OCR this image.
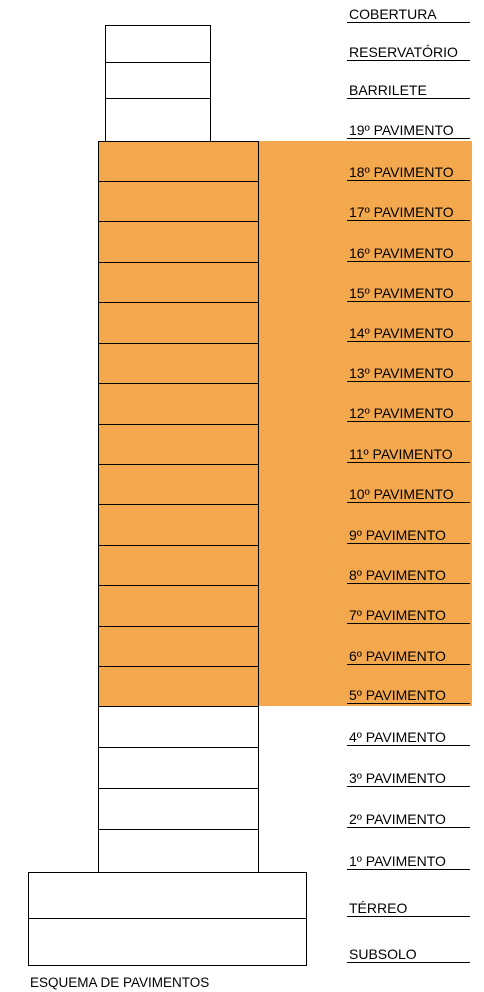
COBERTURA
RESERVATÓRIO
BARRILETE
19º PAVIMENTO
18º PAVIMENTO
17º PAVIMENTO
16º PAVIMENTO
15º PAVIMENTO
14º PAVIMENTO
13º PAVIMENTO
12º PAVIMENTO
11º PAVIMENTO
10º PAVIMENTO
9º PAVIMENTO
8º PAVIMENTO
7º PAVIMENTO
6º PAVIMENTO
5º PAVIMENTO
4º PAVIMENTO
3º PAVIMENTO
2º PAVIMENTO
1º PAVIMENTO
TÉRREO
SUBSOLO
ESQUEMA DE PAVIMENTOS
